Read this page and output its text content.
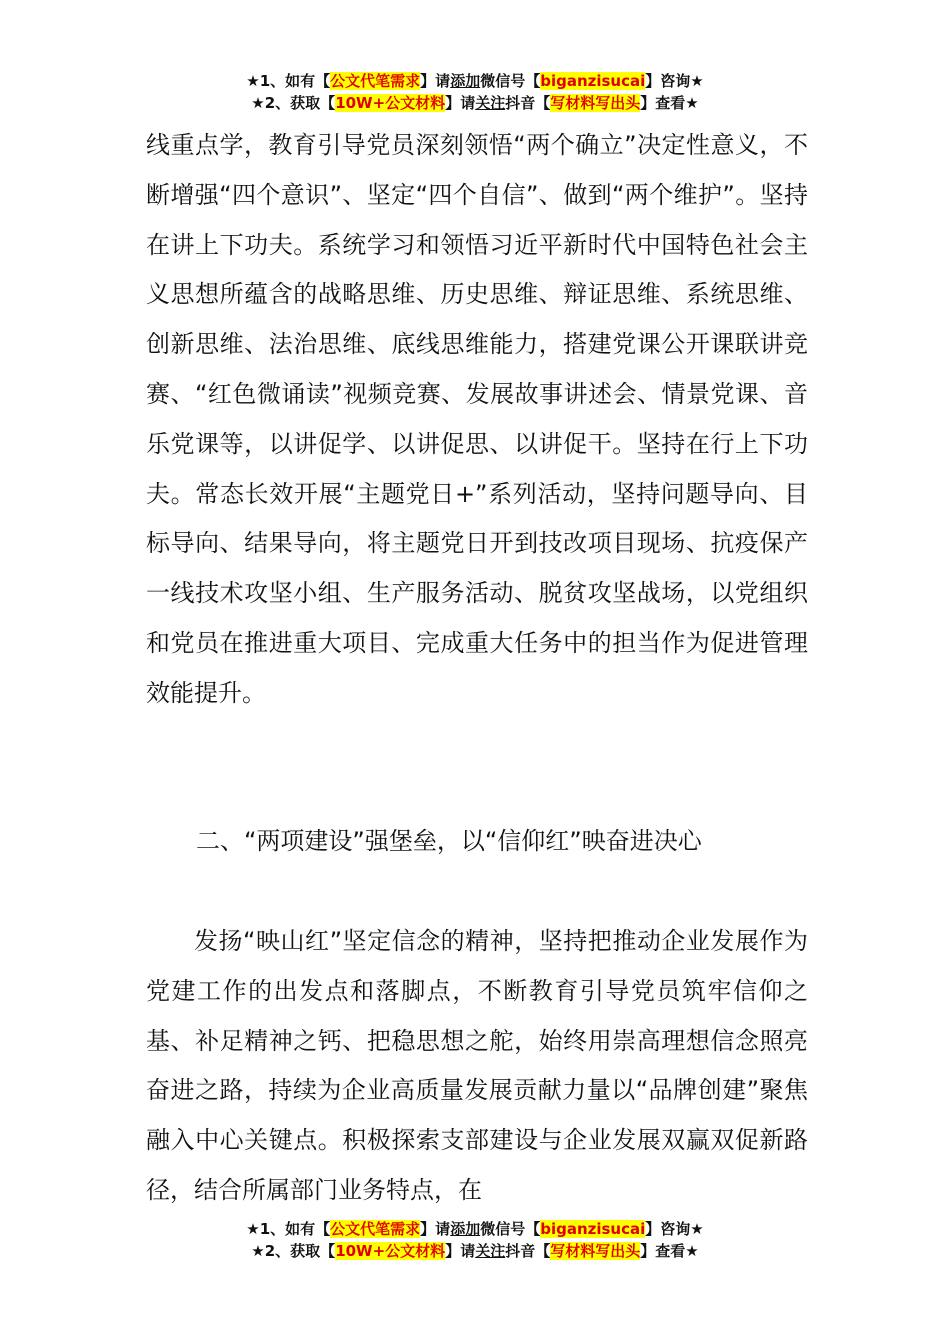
★1、如有【公文代笔需求】请添加微信号【biganzisucai】咨询★
★2、获取【10W+公文材料】请关注抖音【写材料写出头】查看★

线重点学，教育引导党员深刻领悟“两个确立”决定性意义，不断增强“四个意识”、坚定“四个自信”、做到“两个维护”。坚持在讲上下功夫。系统学习和领悟习近平新时代中国特色社会主义思想所蕴含的战略思维、历史思维、辩证思维、系统思维、创新思维、法治思维、底线思维能力，搭建党课公开课联讲竞赛、“红色微诵读”视频竞赛、发展故事讲述会、情景党课、音乐党课等，以讲促学、以讲促思、以讲促干。坚持在行上下功夫。常态长效开展“主题党日+”系列活动，坚持问题导向、目标导向、结果导向，将主题党日开到技改项目现场、抗疫保产一线技术攻坚小组、生产服务活动、脱贫攻坚战场，以党组织和党员在推进重大项目、完成重大任务中的担当作为促进管理效能提升。

二、“两项建设”强堡垒，以“信仰红”映奋进决心

发扬“映山红”坚定信念的精神，坚持把推动企业发展作为党建工作的出发点和落脚点，不断教育引导党员筑牢信仰之基、补足精神之钙、把稳思想之舵，始终用崇高理想信念照亮奋进之路，持续为企业高质量发展贡献力量以“品牌创建”聚焦融入中心关键点。积极探索支部建设与企业发展双赢双促新路径，结合所属部门业务特点，在

★1、如有【公文代笔需求】请添加微信号【biganzisucai】咨询★
★2、获取【10W+公文材料】请关注抖音【写材料写出头】查看★
